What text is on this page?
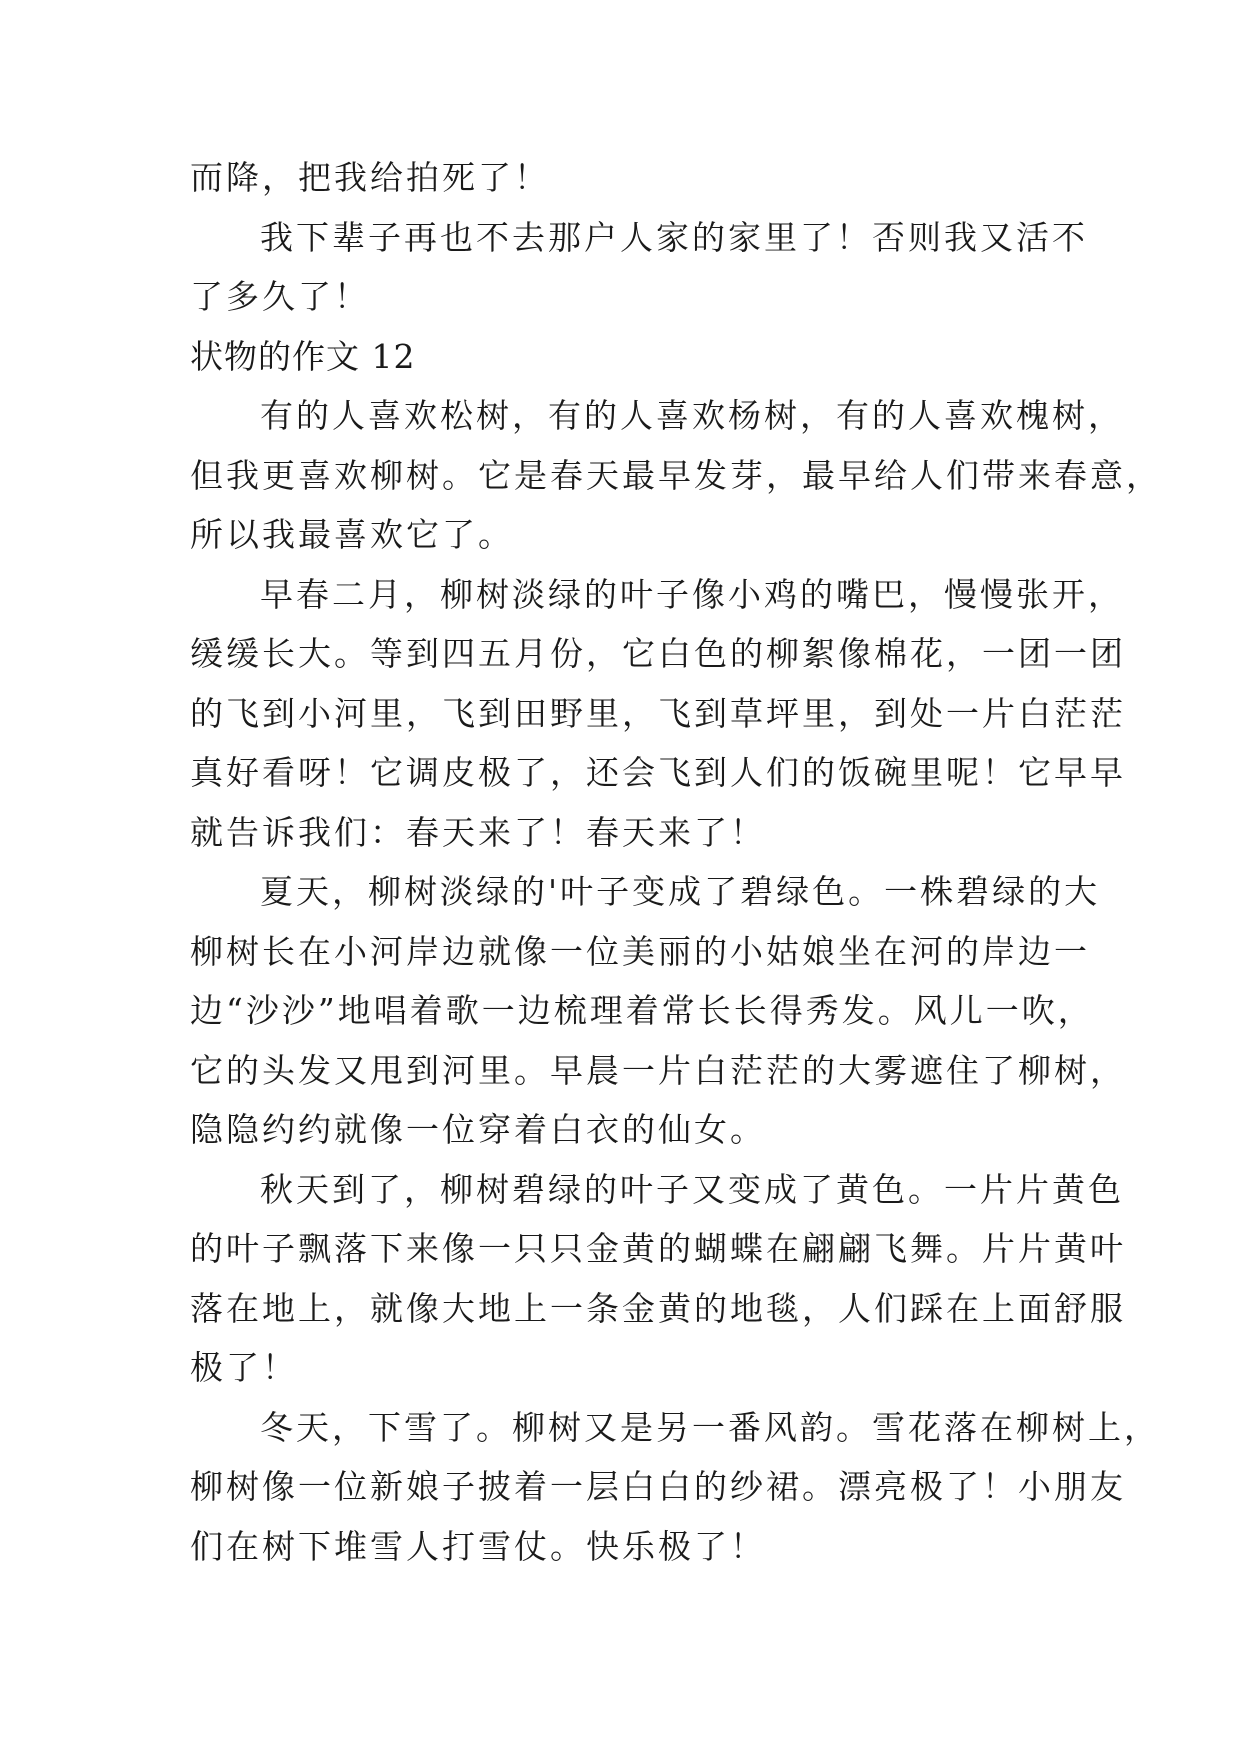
而降，把我给拍死了！
我下辈子再也不去那户人家的家里了！否则我又活不
了多久了！
状物的作文 12
有的人喜欢松树，有的人喜欢杨树，有的人喜欢槐树，
但我更喜欢柳树。它是春天最早发芽，最早给人们带来春意，
所以我最喜欢它了。
早春二月，柳树淡绿的叶子像小鸡的嘴巴，慢慢张开，
缓缓长大。等到四五月份，它白色的柳絮像棉花，一团一团
的飞到小河里，飞到田野里，飞到草坪里，到处一片白茫茫
真好看呀！它调皮极了，还会飞到人们的饭碗里呢！它早早
就告诉我们：春天来了！春天来了！
夏天，柳树淡绿的'叶子变成了碧绿色。一株碧绿的大
柳树长在小河岸边就像一位美丽的小姑娘坐在河的岸边一
边“沙沙”地唱着歌一边梳理着常长长得秀发。风儿一吹，
它的头发又甩到河里。早晨一片白茫茫的大雾遮住了柳树，
隐隐约约就像一位穿着白衣的仙女。
秋天到了，柳树碧绿的叶子又变成了黄色。一片片黄色
的叶子飘落下来像一只只金黄的蝴蝶在翩翩飞舞。片片黄叶
落在地上，就像大地上一条金黄的地毯，人们踩在上面舒服
极了！
冬天，下雪了。柳树又是另一番风韵。雪花落在柳树上，
柳树像一位新娘子披着一层白白的纱裙。漂亮极了！小朋友
们在树下堆雪人打雪仗。快乐极了！
